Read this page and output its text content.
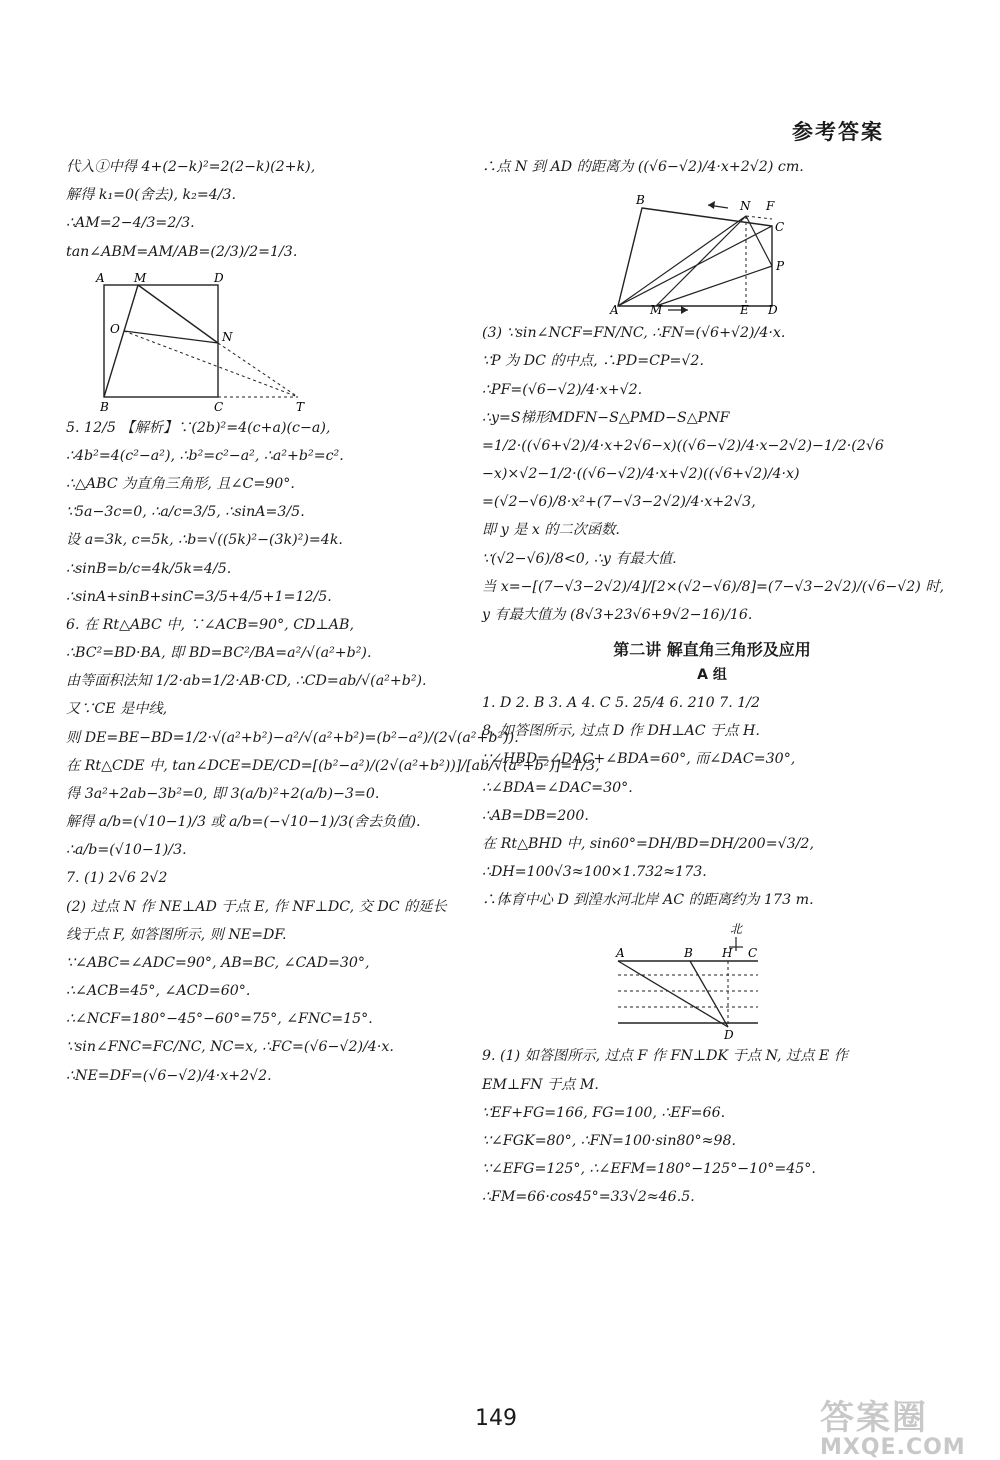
参考答案
代入①中得 4+(2−k)²=2(2−k)(2+k),
解得 k₁=0(舍去), k₂=4/3.
∴AM=2−4/3=2/3.
tan∠ABM=AM/AB=(2/3)/2=1/3.
A M	D
O
N
B	C	T
5. 12/5 【解析】∵(2b)²=4(c+a)(c−a),
∴4b²=4(c²−a²), ∴b²=c²−a², ∴a²+b²=c².
∴△ABC 为直角三角形, 且∠C=90°.
∵5a−3c=0, ∴a/c=3/5, ∴sinA=3/5.
设 a=3k, c=5k, ∴b=√((5k)²−(3k)²)=4k.
∴sinB=b/c=4k/5k=4/5.
∴sinA+sinB+sinC=3/5+4/5+1=12/5.
6. 在 Rt△ABC 中, ∵∠ACB=90°, CD⊥AB,
∴BC²=BD·BA, 即 BD=BC²/BA=a²/√(a²+b²).
由等面积法知 1/2·ab=1/2·AB·CD, ∴CD=ab/√(a²+b²).
又∵CE 是中线,
则 DE=BE−BD=1/2·√(a²+b²)−a²/√(a²+b²)=(b²−a²)/(2√(a²+b²)).
在 Rt△CDE 中, tan∠DCE=DE/CD=[(b²−a²)/(2√(a²+b²))]/[ab/√(a²+b²)]=1/3,
得 3a²+2ab−3b²=0, 即 3(a/b)²+2(a/b)−3=0.
解得 a/b=(√10−1)/3 或 a/b=(−√10−1)/3(舍去负值).
∴a/b=(√10−1)/3.
7. (1) 2√6 2√2
(2) 过点 N 作 NE⊥AD 于点 E, 作 NF⊥DC, 交 DC 的延长
线于点 F, 如答图所示, 则 NE=DF.
∵∠ABC=∠ADC=90°, AB=BC, ∠CAD=30°,
∴∠ACB=45°, ∠ACD=60°.
∴∠NCF=180°−45°−60°=75°, ∠FNC=15°.
∵sin∠FNC=FC/NC, NC=x, ∴FC=(√6−√2)/4·x.
∴NE=DF=(√6−√2)/4·x+2√2.
∴点 N 到 AD 的距离为 ((√6−√2)/4·x+2√2) cm.
B	N F
C
P
A	M	E D
(3) ∵sin∠NCF=FN/NC, ∴FN=(√6+√2)/4·x.
∵P 为 DC 的中点, ∴PD=CP=√2.
∴PF=(√6−√2)/4·x+√2.
∴y=S梯形MDFN−S△PMD−S△PNF
=1/2·((√6+√2)/4·x+2√6−x)((√6−√2)/4·x−2√2)−1/2·(2√6
−x)×√2−1/2·((√6−√2)/4·x+√2)((√6+√2)/4·x)
=(√2−√6)/8·x²+(7−√3−2√2)/4·x+2√3,
即 y 是 x 的二次函数.
∵(√2−√6)/8<0, ∴y 有最大值.
当 x=−[(7−√3−2√2)/4]/[2×(√2−√6)/8]=(7−√3−2√2)/(√6−√2) 时,
y 有最大值为 (8√3+23√6+9√2−16)/16.
第二讲 解直角三角形及应用
A 组
1. D 2. B 3. A 4. C 5. 25/4 6. 210 7. 1/2
8. 如答图所示, 过点 D 作 DH⊥AC 于点 H.
∵∠HBD=∠DAC+∠BDA=60°, 而∠DAC=30°,
∴∠BDA=∠DAC=30°.
∴AB=DB=200.
在 Rt△BHD 中, sin60°=DH/BD=DH/200=√3/2,
∴DH=100√3≈100×1.732≈173.
∴体育中心 D 到湟水河北岸 AC 的距离约为 173 m.
北
A	B H C
D
9. (1) 如答图所示, 过点 F 作 FN⊥DK 于点 N, 过点 E 作
EM⊥FN 于点 M.
∵EF+FG=166, FG=100, ∴EF=66.
∵∠FGK=80°, ∴FN=100·sin80°≈98.
∵∠EFG=125°, ∴∠EFM=180°−125°−10°=45°.
∴FM=66·cos45°=33√2≈46.5.
149	答案圈
MXQE.COM
